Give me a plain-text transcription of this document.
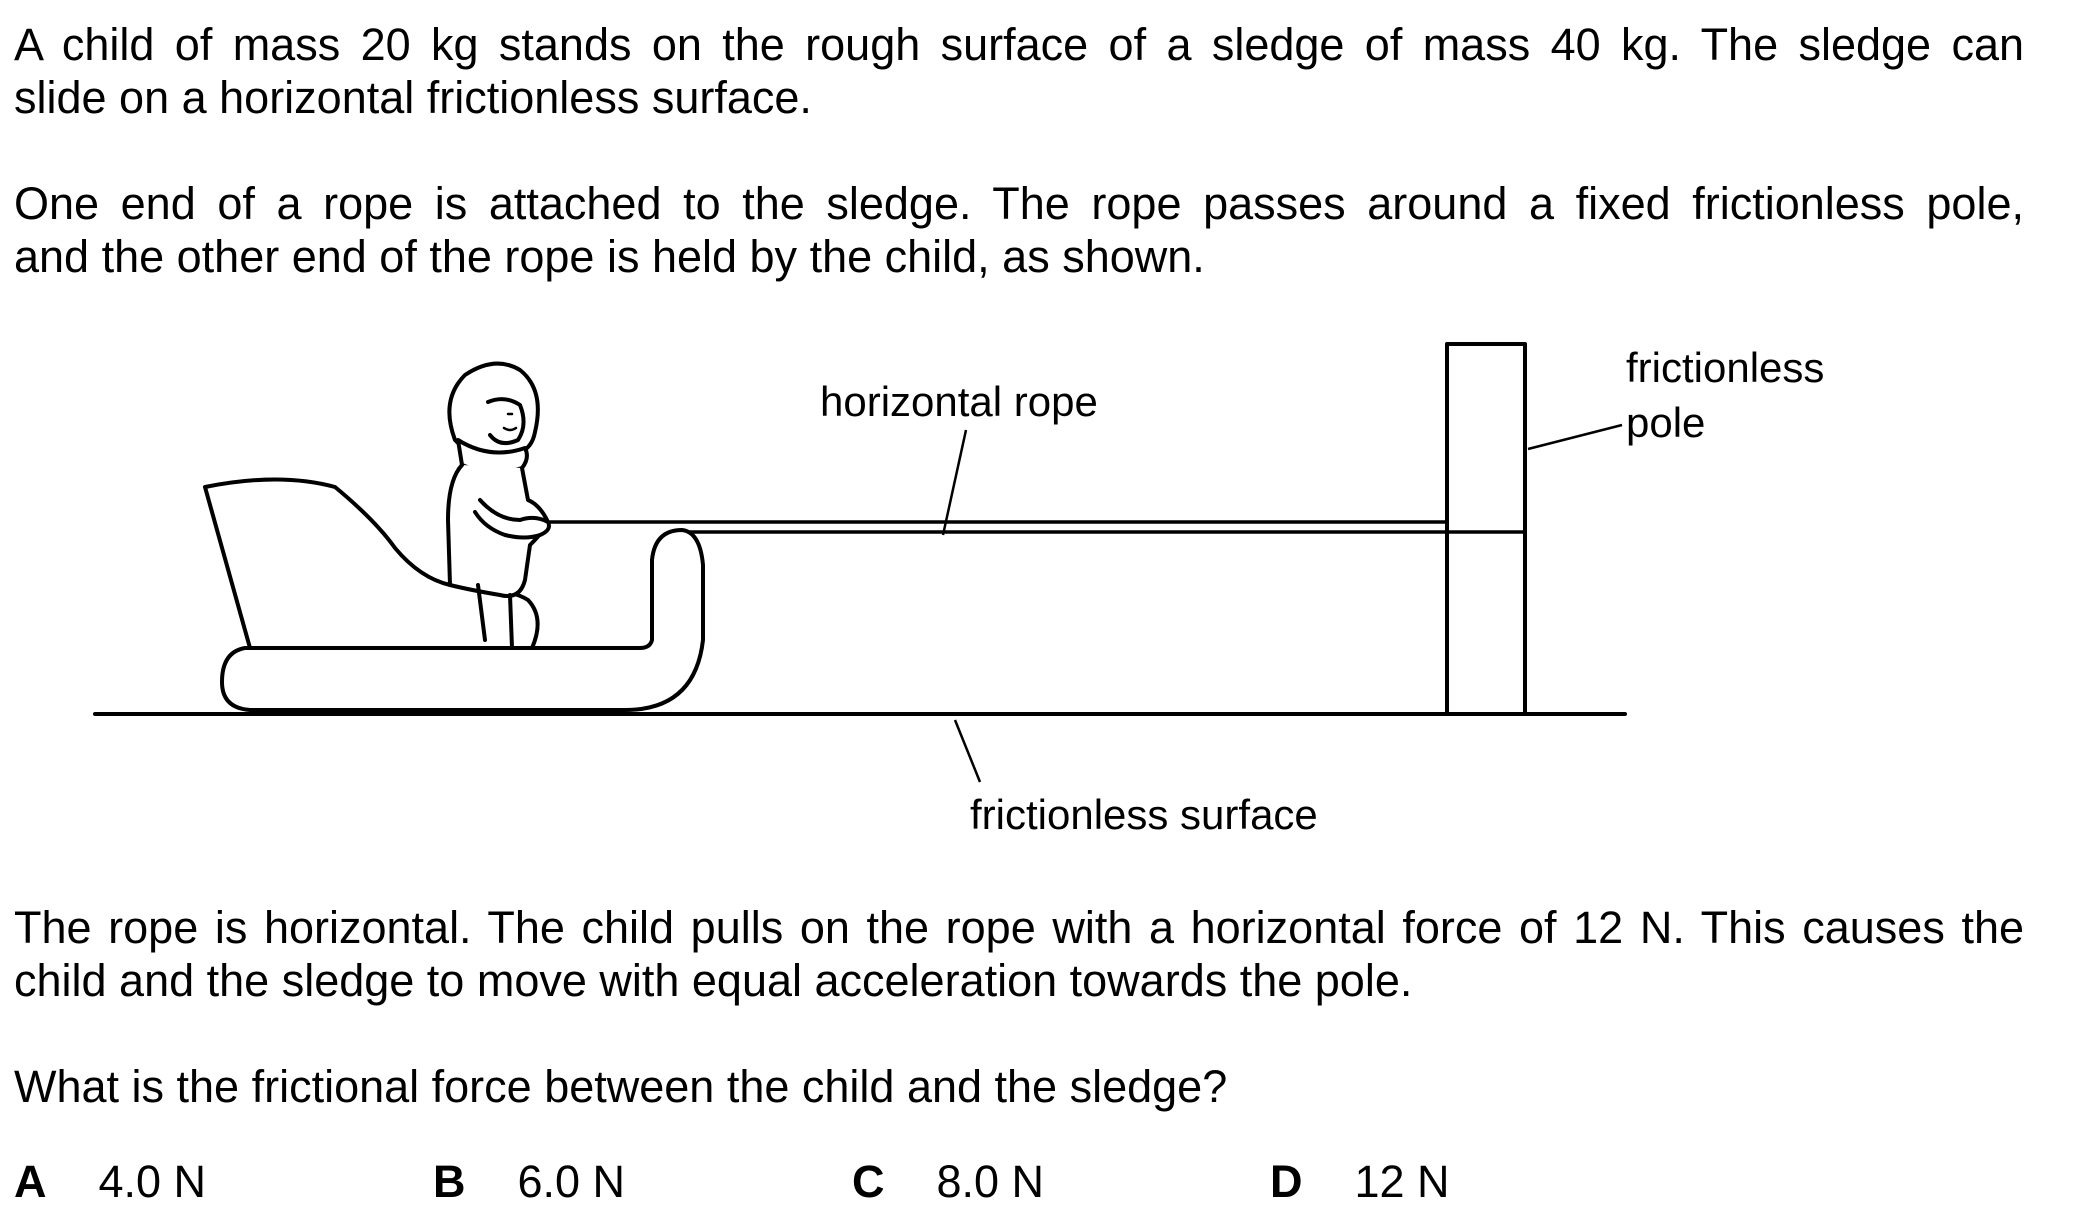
A child of mass 20 kg stands on the rough surface of a sledge of mass 40 kg. The sledge can
slide on a horizontal frictionless surface.
One end of a rope is attached to the sledge. The rope passes around a fixed frictionless pole,
and the other end of the rope is held by the child, as shown.
horizontal rope
frictionless
pole
frictionless surface
The rope is horizontal. The child pulls on the rope with a horizontal force of 12 N. This causes the
child and the sledge to move with equal acceleration towards the pole.
What is the frictional force between the child and the sledge?
A 4.0 N	B 6.0 N	C 8.0 N	D 12 N
